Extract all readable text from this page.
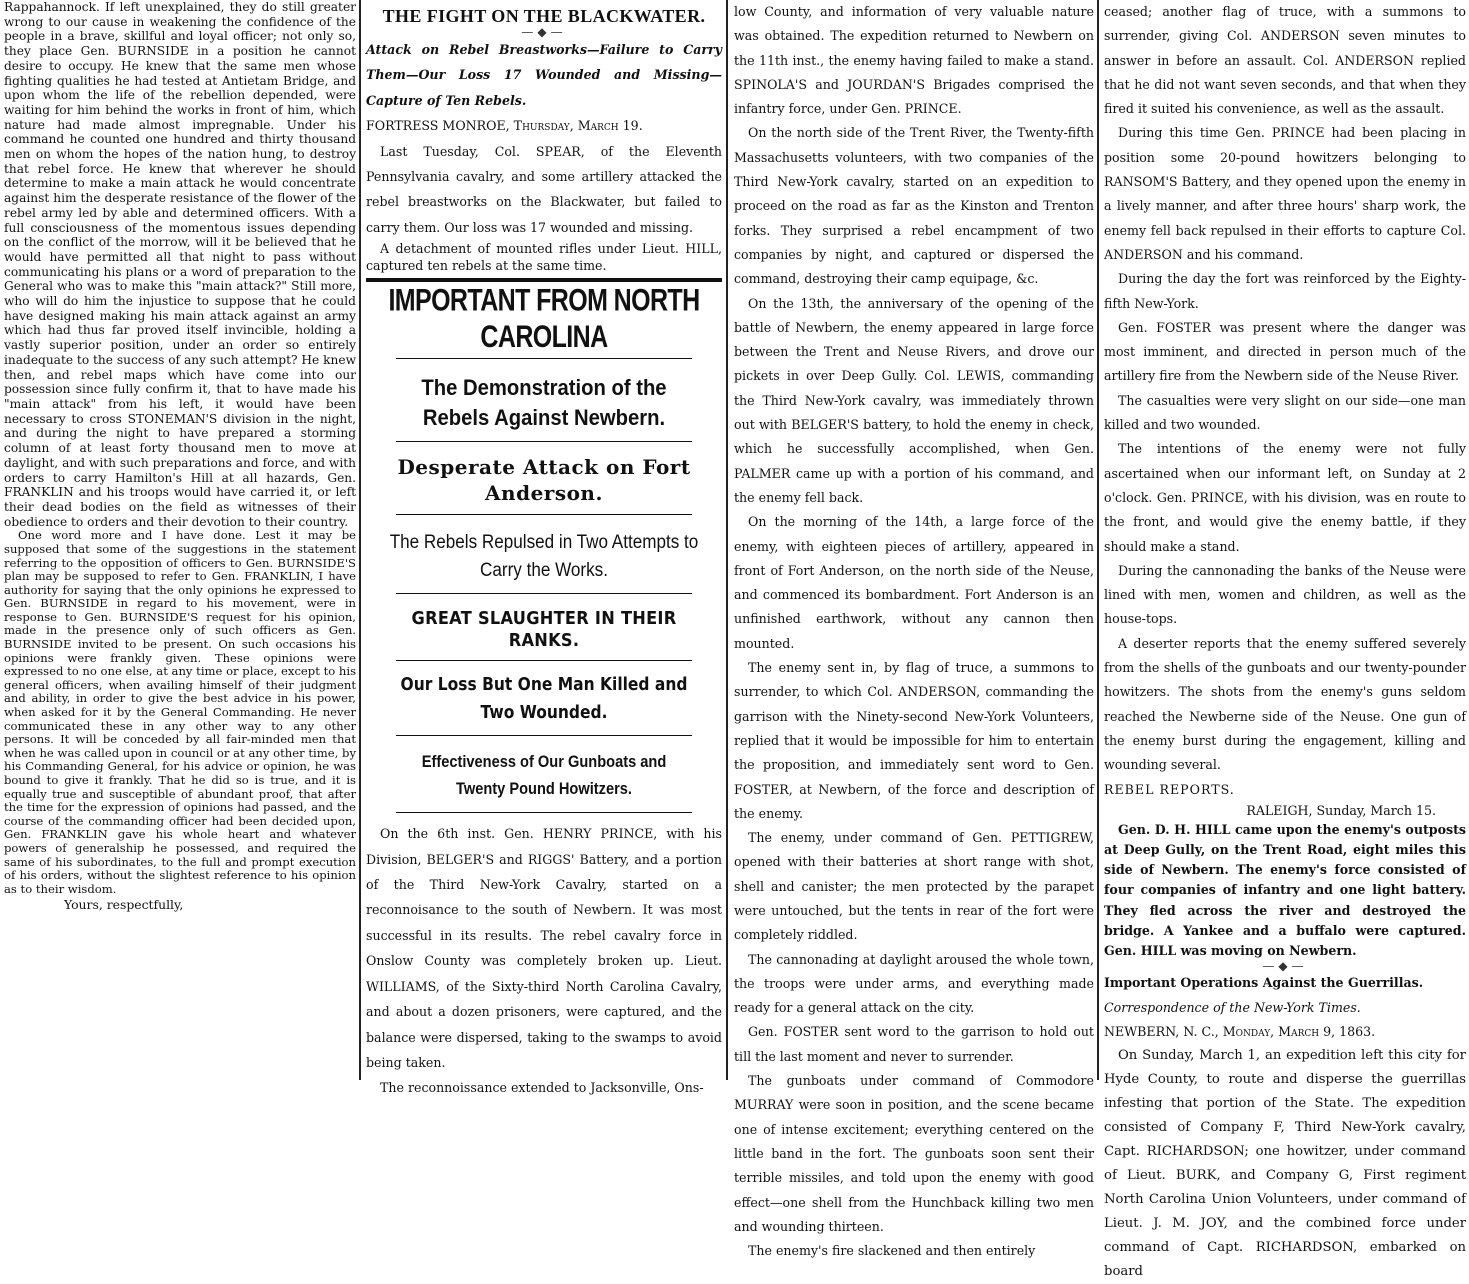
Rappahannock. If left unexplained, they do still greater wrong to our cause in weakening the confidence of the people in a brave, skillful and loyal officer; not only so, they place Gen. BURNSIDE in a position he cannot desire to occupy. He knew that the same men whose fighting qualities he had tested at Antietam Bridge, and upon whom the life of the rebellion depended, were waiting for him behind the works in front of him, which nature had made almost impregnable. Under his command he counted one hundred and thirty thousand men on whom the hopes of the nation hung, to destroy that rebel force. He knew that wherever he should determine to make a main attack he would concentrate against him the desperate resistance of the flower of the rebel army led by able and determined officers. With a full consciousness of the momentous issues depending on the conflict of the morrow, will it be believed that he would have permitted all that night to pass without communicating his plans or a word of preparation to the General who was to make this "main attack?" Still more, who will do him the injustice to suppose that he could have designed making his main attack against an army which had thus far proved itself invincible, holding a vastly superior position, under an order so entirely inadequate to the success of any such attempt? He knew then, and rebel maps which have come into our possession since fully confirm it, that to have made his "main attack" from his left, it would have been necessary to cross STONEMAN'S division in the night, and during the night to have prepared a storming column of at least forty thousand men to move at daylight, and with such preparations and force, and with orders to carry Hamilton's Hill at all hazards, Gen. FRANKLIN and his troops would have carried it, or left their dead bodies on the field as witnesses of their obedience to orders and their devotion to their country.

One word more and I have done. Lest it may be supposed that some of the suggestions in the statement referring to the opposition of officers to Gen. BURNSIDE'S plan may be supposed to refer to Gen. FRANKLIN, I have authority for saying that the only opinions he expressed to Gen. BURNSIDE in regard to his movement, were in response to Gen. BURNSIDE'S request for his opinion, made in the presence only of such officers as Gen. BURNSIDE invited to be present. On such occasions his opinions were frankly given. These opinions were expressed to no one else, at any time or place, except to his general officers, when availing himself of their judgment and ability, in order to give the best advice in his power, when asked for it by the General Commanding. He never communicated these in any other way to any other persons. It will be conceded by all fair-minded men that when he was called upon in council or at any other time, by his Commanding General, for his advice or opinion, he was bound to give it frankly. That he did so is true, and it is equally true and susceptible of abundant proof, that after the time for the expression of opinions had passed, and the course of the commanding officer had been decided upon, Gen. FRANKLIN gave his whole heart and whatever powers of generalship he possessed, and required the same of his subordinates, to the full and prompt execution of his orders, without the slightest reference to his opinion as to their wisdom.

Yours, respectfully,

THE FIGHT ON THE BLACKWATER.
—◆—

Attack on Rebel Breastworks—Failure to Carry Them—Our Loss 17 Wounded and Missing—Capture of Ten Rebels.

FORTRESS MONROE, Thursday, March 19.

Last Tuesday, Col. SPEAR, of the Eleventh Pennsylvania cavalry, and some artillery attacked the rebel breastworks on the Blackwater, but failed to carry them. Our loss was 17 wounded and missing.

A detachment of mounted rifles under Lieut. HILL, captured ten rebels at the same time.

IMPORTANT FROM NORTH CAROLINA
The Demonstration of the Rebels Against Newbern.
Desperate Attack on Fort Anderson.
The Rebels Repulsed in Two Attempts to Carry the Works.
GREAT SLAUGHTER IN THEIR RANKS.
Our Loss But One Man Killed and Two Wounded.
Effectiveness of Our Gunboats and Twenty Pound Howitzers.

On the 6th inst. Gen. HENRY PRINCE, with his Division, BELGER'S and RIGGS' Battery, and a portion of the Third New-York Cavalry, started on a reconnoisance to the south of Newbern. It was most successful in its results. The rebel cavalry force in Onslow County was completely broken up. Lieut. WILLIAMS, of the Sixty-third North Carolina Cavalry, and about a dozen prisoners, were captured, and the balance were dispersed, taking to the swamps to avoid being taken.

The reconnoissance extended to Jacksonville, Ons-

low County, and information of very valuable nature was obtained. The expedition returned to Newbern on the 11th inst., the enemy having failed to make a stand. SPINOLA'S and JOURDAN'S Brigades comprised the infantry force, under Gen. PRINCE.

On the north side of the Trent River, the Twenty-fifth Massachusetts volunteers, with two companies of the Third New-York cavalry, started on an expedition to proceed on the road as far as the Kinston and Trenton forks. They surprised a rebel encampment of two companies by night, and captured or dispersed the command, destroying their camp equipage, &c.

On the 13th, the anniversary of the opening of the battle of Newbern, the enemy appeared in large force between the Trent and Neuse Rivers, and drove our pickets in over Deep Gully. Col. LEWIS, commanding the Third New-York cavalry, was immediately thrown out with BELGER'S battery, to hold the enemy in check, which he successfully accomplished, when Gen. PALMER came up with a portion of his command, and the enemy fell back.

On the morning of the 14th, a large force of the enemy, with eighteen pieces of artillery, appeared in front of Fort Anderson, on the north side of the Neuse, and commenced its bombardment. Fort Anderson is an unfinished earthwork, without any cannon then mounted.

The enemy sent in, by flag of truce, a summons to surrender, to which Col. ANDERSON, commanding the garrison with the Ninety-second New-York Volunteers, replied that it would be impossible for him to entertain the proposition, and immediately sent word to Gen. FOSTER, at Newbern, of the force and description of the enemy.

The enemy, under command of Gen. PETTIGREW, opened with their batteries at short range with shot, shell and canister; the men protected by the parapet were untouched, but the tents in rear of the fort were completely riddled.

The cannonading at daylight aroused the whole town, the troops were under arms, and everything made ready for a general attack on the city.

Gen. FOSTER sent word to the garrison to hold out till the last moment and never to surrender.

The gunboats under command of Commodore MURRAY were soon in position, and the scene became one of intense excitement; everything centered on the little band in the fort. The gunboats soon sent their terrible missiles, and told upon the enemy with good effect—one shell from the Hunchback killing two men and wounding thirteen.

The enemy's fire slackened and then entirely

ceased; another flag of truce, with a summons to surrender, giving Col. ANDERSON seven minutes to answer in before an assault. Col. ANDERSON replied that he did not want seven seconds, and that when they fired it suited his convenience, as well as the assault.

During this time Gen. PRINCE had been placing in position some 20-pound howitzers belonging to RANSOM'S Battery, and they opened upon the enemy in a lively manner, and after three hours' sharp work, the enemy fell back repulsed in their efforts to capture Col. ANDERSON and his command.

During the day the fort was reinforced by the Eighty-fifth New-York.

Gen. FOSTER was present where the danger was most imminent, and directed in person much of the artillery fire from the Newbern side of the Neuse River.

The casualties were very slight on our side—one man killed and two wounded.

The intentions of the enemy were not fully ascertained when our informant left, on Sunday at 2 o'clock. Gen. PRINCE, with his division, was en route to the front, and would give the enemy battle, if they should make a stand.

During the cannonading the banks of the Neuse were lined with men, women and children, as well as the house-tops.

A deserter reports that the enemy suffered severely from the shells of the gunboats and our twenty-pounder howitzers. The shots from the enemy's guns seldom reached the Newberne side of the Neuse. One gun of the enemy burst during the engagement, killing and wounding several.

REBEL REPORTS.

RALEIGH, Sunday, March 15.

Gen. D. H. HILL came upon the enemy's outposts at Deep Gully, on the Trent Road, eight miles this side of Newbern. The enemy's force consisted of four companies of infantry and one light battery. They fled across the river and destroyed the bridge. A Yankee and a buffalo were captured. Gen. HILL was moving on Newbern.

—◆—

Important Operations Against the Guerrillas.

Correspondence of the New-York Times.

NEWBERN, N. C., Monday, March 9, 1863.

On Sunday, March 1, an expedition left this city for Hyde County, to route and disperse the guerrillas infesting that portion of the State. The expedition consisted of Company F, Third New-York cavalry, Capt. RICHARDSON; one howitzer, under command of Lieut. BURK, and Company G, First regiment North Carolina Union Volunteers, under command of Lieut. J. M. JOY, and the combined force under command of Capt. RICHARDSON, embarked on board
